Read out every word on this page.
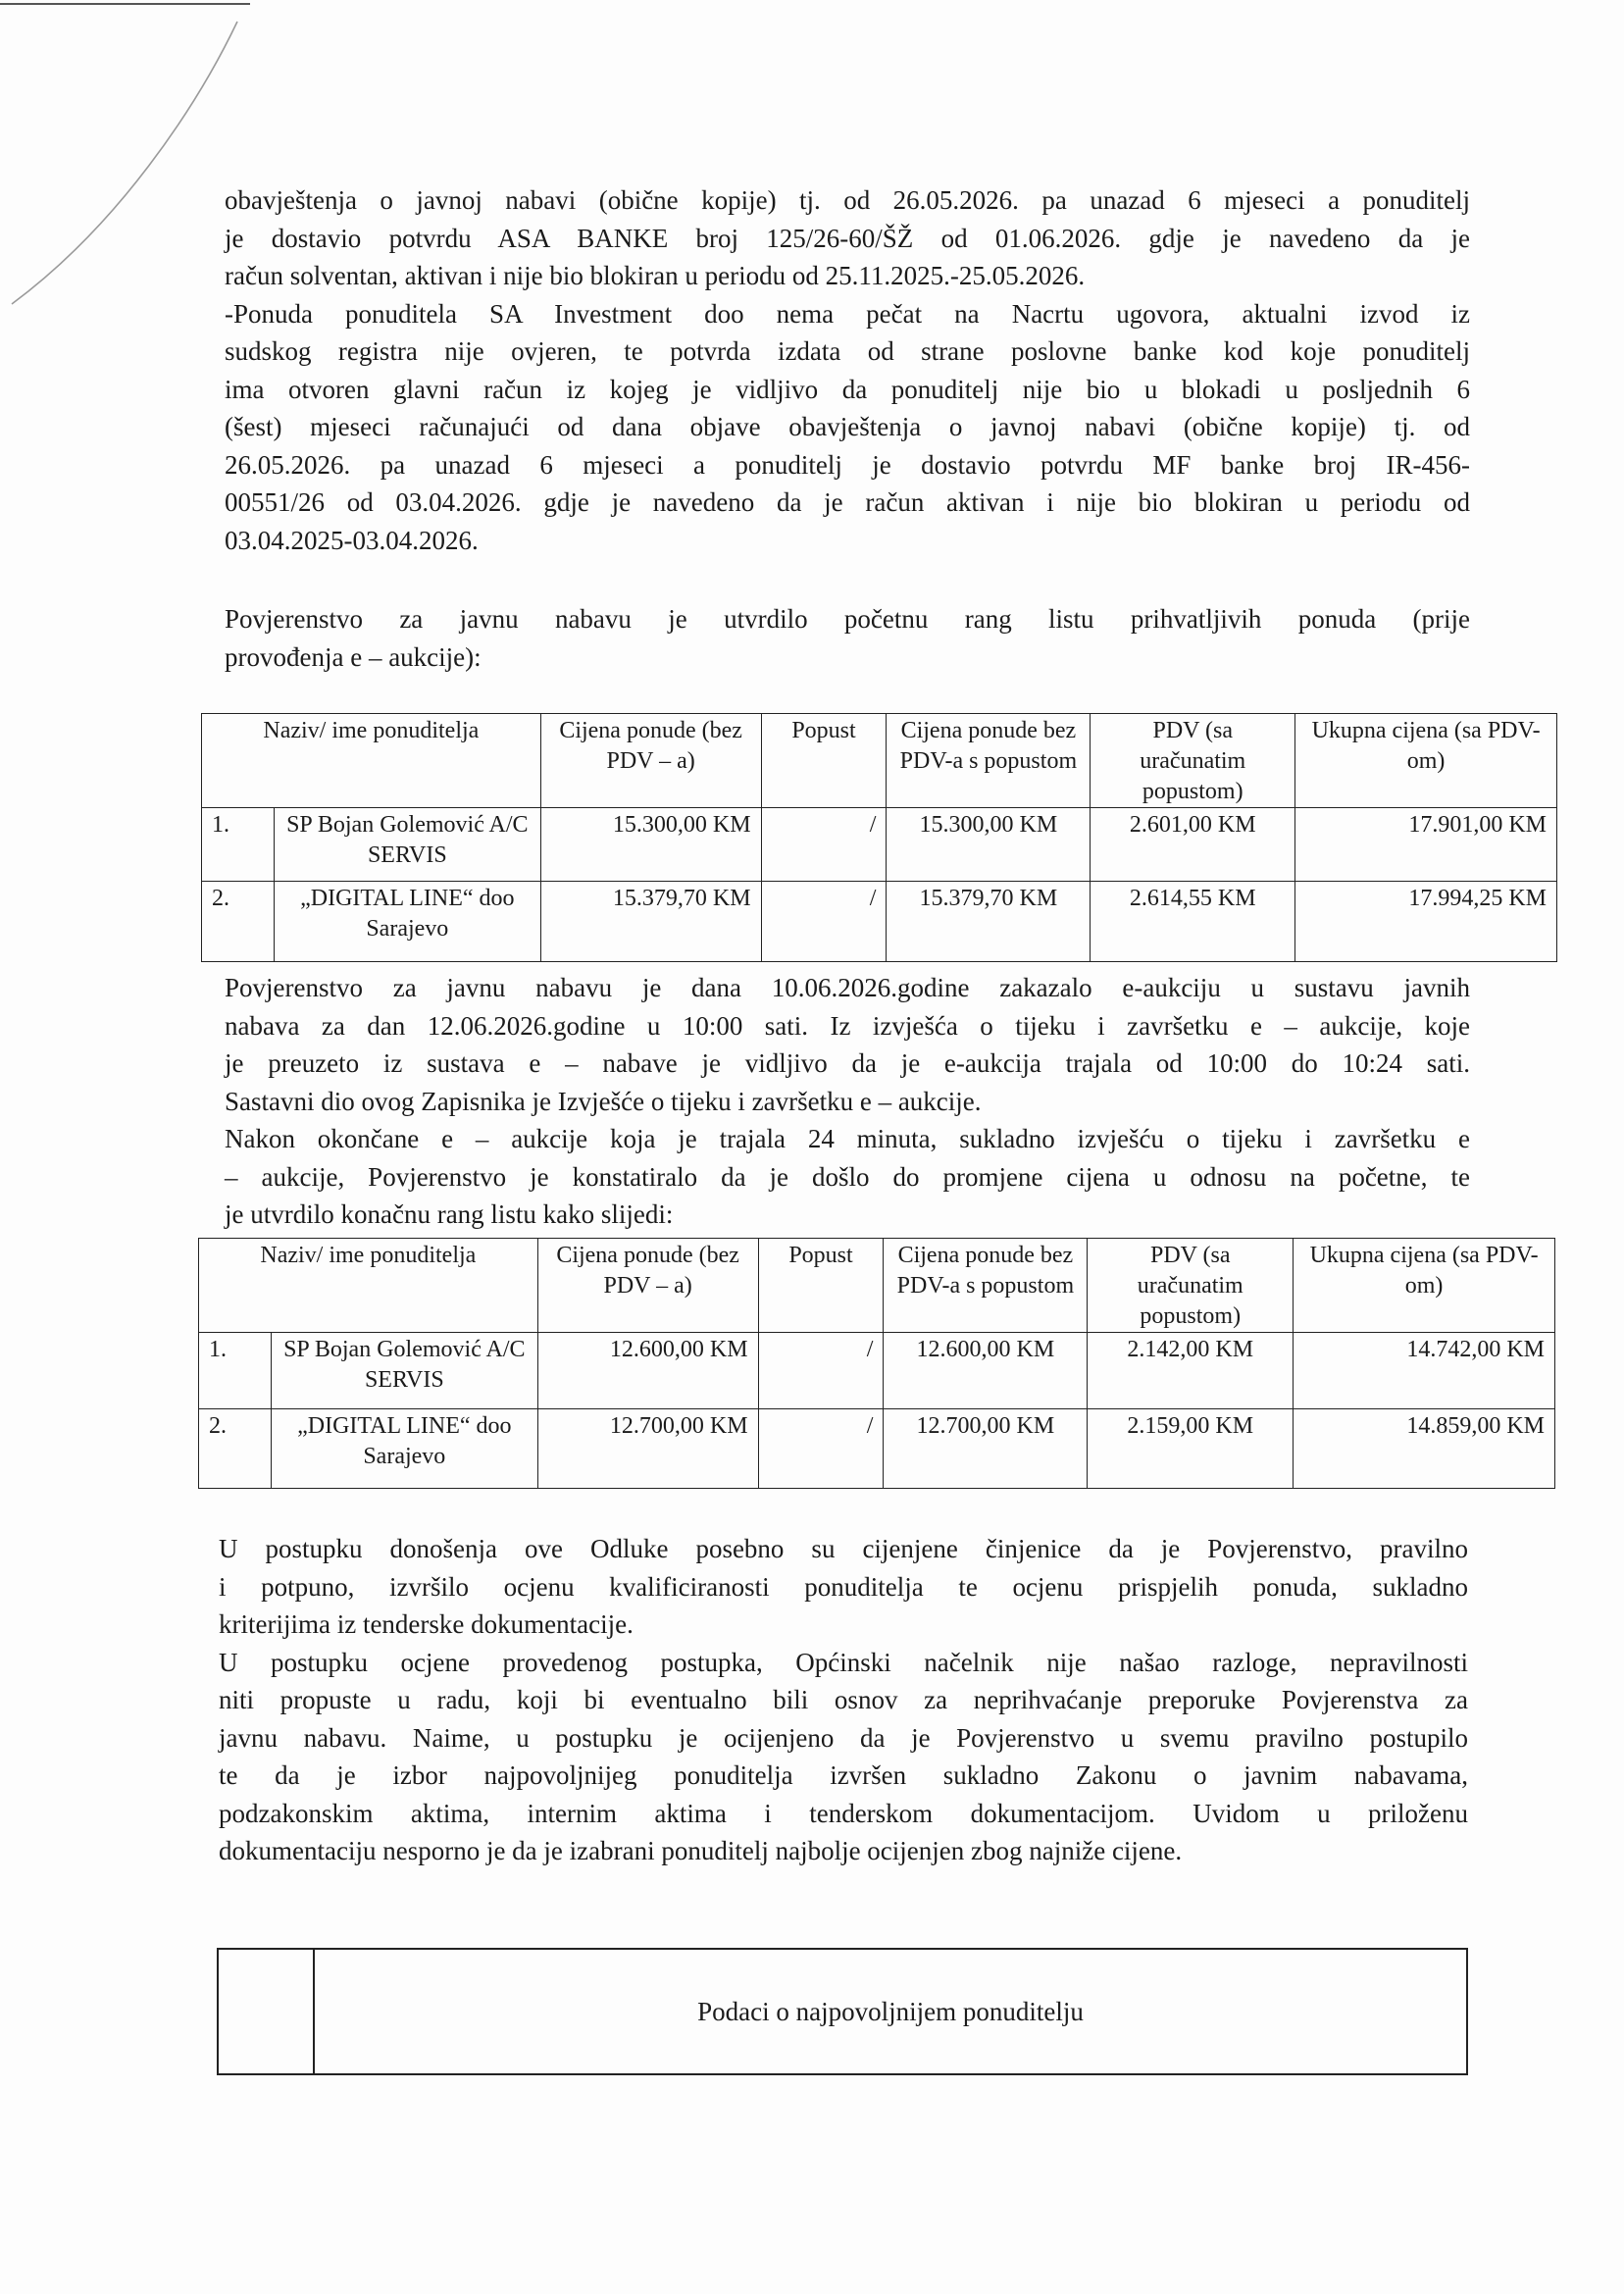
obavještenja o javnoj nabavi (obične kopije) tj. od 26.05.2026. pa unazad 6 mjeseci a ponuditelj
je dostavio potvrdu ASA BANKE broj 125/26-60/ŠŽ od 01.06.2026. gdje je navedeno da je
račun solventan, aktivan i nije bio blokiran u periodu od 25.11.2025.-25.05.2026.
-Ponuda ponuditela SA Investment doo nema pečat na Nacrtu ugovora, aktualni izvod iz
sudskog registra nije ovjeren, te potvrda izdata od strane poslovne banke kod koje ponuditelj
ima otvoren glavni račun iz kojeg je vidljivo da ponuditelj nije bio u blokadi u posljednih 6
(šest) mjeseci računajući od dana objave obavještenja o javnoj nabavi (obične kopije) tj. od
26.05.2026. pa unazad 6 mjeseci a ponuditelj je dostavio potvrdu MF banke broj IR-456-
00551/26 od 03.04.2026. gdje je navedeno da je račun aktivan i nije bio blokiran u periodu od
03.04.2025-03.04.2026.
Povjerenstvo za javnu nabavu je utvrdilo početnu rang listu prihvatljivih ponuda (prije
provođenja e – aukcije):
Naziv/ ime ponuditelja		Cijena ponude (bez PDV – a)	Popust	Cijena ponude bez PDV-a s popustom	PDV (sa uračunatim popustom)	Ukupna cijena (sa PDV-om)
1.	SP Bojan Golemović A/C SERVIS	15.300,00 KM	/	15.300,00 KM	2.601,00 KM	17.901,00 KM
2.	„DIGITAL LINE“ doo Sarajevo	15.379,70 KM	/	15.379,70 KM	2.614,55 KM	17.994,25 KM
Povjerenstvo za javnu nabavu je dana 10.06.2026.godine zakazalo e-aukciju u sustavu javnih
nabava za dan 12.06.2026.godine u 10:00 sati. Iz izvješća o tijeku i završetku e – aukcije, koje
je preuzeto iz sustava e – nabave je vidljivo da je e-aukcija trajala od 10:00 do 10:24 sati.
Sastavni dio ovog Zapisnika je Izvješće o tijeku i završetku e – aukcije.
Nakon okončane e – aukcije koja je trajala 24 minuta, sukladno izvješću o tijeku i završetku e
– aukcije, Povjerenstvo je konstatiralo da je došlo do promjene cijena u odnosu na početne, te
je utvrdilo konačnu rang listu kako slijedi:
Naziv/ ime ponuditelja		Cijena ponude (bez PDV – a)	Popust	Cijena ponude bez PDV-a s popustom	PDV (sa uračunatim popustom)	Ukupna cijena (sa PDV-om)
1.	SP Bojan Golemović A/C SERVIS	12.600,00 KM	/	12.600,00 KM	2.142,00 KM	14.742,00 KM
2.	„DIGITAL LINE“ doo Sarajevo	12.700,00 KM	/	12.700,00 KM	2.159,00 KM	14.859,00 KM
U postupku donošenja ove Odluke posebno su cijenjene činjenice da je Povjerenstvo, pravilno
i potpuno, izvršilo ocjenu kvalificiranosti ponuditelja te ocjenu prispjelih ponuda, sukladno
kriterijima iz tenderske dokumentacije.
U postupku ocjene provedenog postupka, Općinski načelnik nije našao razloge, nepravilnosti
niti propuste u radu, koji bi eventualno bili osnov za neprihvaćanje preporuke Povjerenstva za
javnu nabavu. Naime, u postupku je ocijenjeno da je Povjerenstvo u svemu pravilno postupilo
te da je izbor najpovoljnijeg ponuditelja izvršen sukladno Zakonu o javnim nabavama,
podzakonskim aktima, internim aktima i tenderskom dokumentacijom. Uvidom u priloženu
dokumentaciju nesporno je da je izabrani ponuditelj najbolje ocijenjen zbog najniže cijene.
Podaci o najpovoljnijem ponuditelju
